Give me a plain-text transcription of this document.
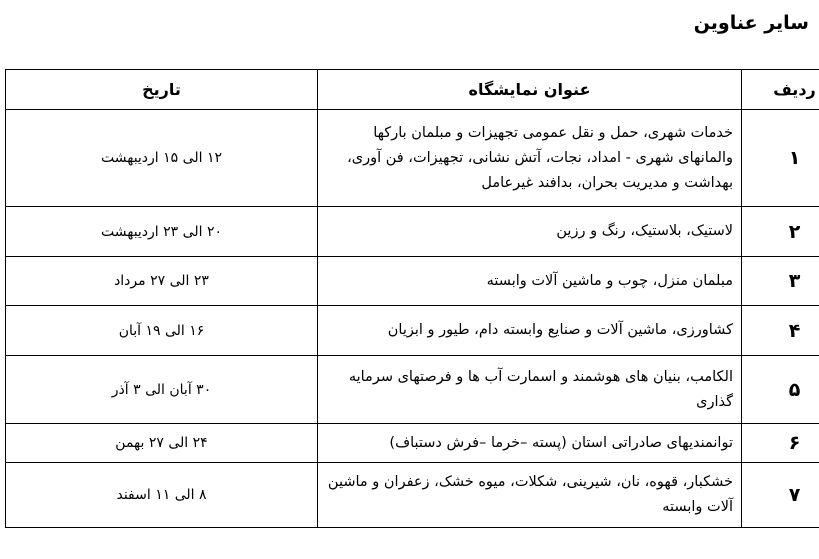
سایر عناوین
ردیف	عنوان نمایشگاه	تاریخ
۱	خدمات شهری، حمل و نقل عمومی تجهیزات و مبلمان بارکها والمانهای شهری - امداد، نجات، آتش نشانی، تجهیزات، فن آوری، بهداشت و مدیریت بحران، بدافند غیرعامل	۱۲ الی ۱۵ اردیبهشت
۲	لاستیک، بلاستیک، رنگ و رزین	۲۰ الی ۲۳ اردیبهشت
۳	مبلمان منزل، چوب و ماشین آلات وابسته	۲۳ الی ۲۷ مرداد
۴	کشاورزی، ماشین آلات و صنایع وابسته دام، طیور و ابزیان	۱۶ الی ۱۹ آبان
۵	الکامب، بنیان های هوشمند و اسمارت آب ها و فرصتهای سرمایه گذاری	۳۰ آبان الی ۳ آذر
۶	توانمندیهای صادراتی استان (پسته –خرما –فرش دستباف)	۲۴ الی ۲۷ بهمن
۷	خشکبار، قهوه، نان، شیرینی، شکلات، میوه خشک، زعفران و ماشین آلات وابسته	۸ الی ۱۱ اسفند
